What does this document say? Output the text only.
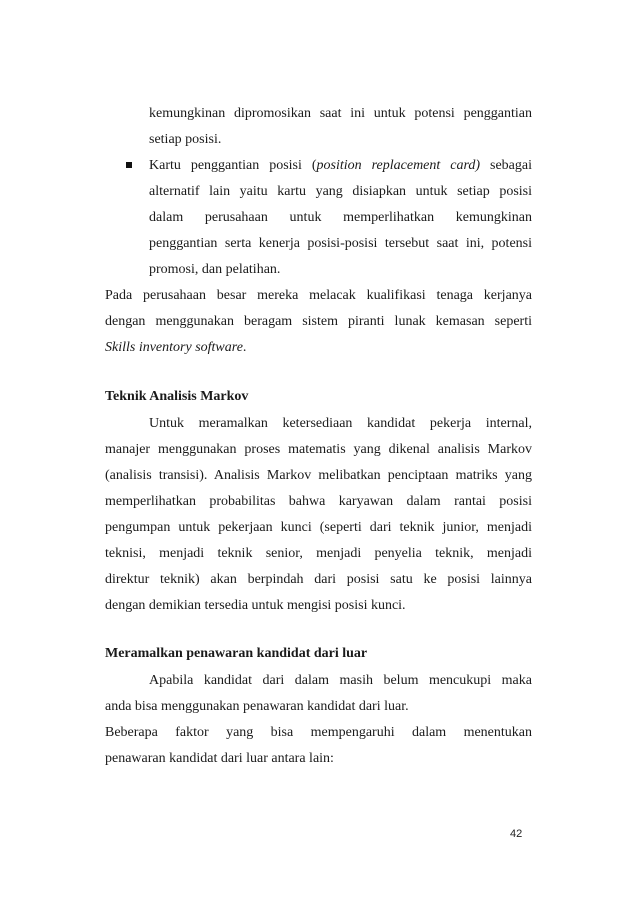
kemungkinan dipromosikan saat ini untuk potensi penggantian
setiap posisi.
Kartu penggantian posisi (position replacement card) sebagai
alternatif lain yaitu kartu yang disiapkan untuk setiap posisi
dalam perusahaan untuk memperlihatkan kemungkinan
penggantian serta kenerja posisi-posisi tersebut saat ini, potensi
promosi, dan pelatihan.
Pada perusahaan besar mereka melacak kualifikasi tenaga kerjanya
dengan menggunakan beragam sistem piranti lunak kemasan seperti
Skills inventory software.
Teknik Analisis Markov
Untuk meramalkan ketersediaan kandidat pekerja internal,
manajer menggunakan proses matematis yang dikenal analisis Markov
(analisis transisi). Analisis Markov melibatkan penciptaan matriks yang
memperlihatkan probabilitas bahwa karyawan dalam rantai posisi
pengumpan untuk pekerjaan kunci (seperti dari teknik junior, menjadi
teknisi, menjadi teknik senior, menjadi penyelia teknik, menjadi
direktur teknik) akan berpindah dari posisi satu ke posisi lainnya
dengan demikian tersedia untuk mengisi posisi kunci.
Meramalkan penawaran kandidat dari luar
Apabila kandidat dari dalam masih belum mencukupi maka
anda bisa menggunakan penawaran kandidat dari luar.
Beberapa faktor yang bisa mempengaruhi dalam menentukan
penawaran kandidat dari luar antara lain:
42
